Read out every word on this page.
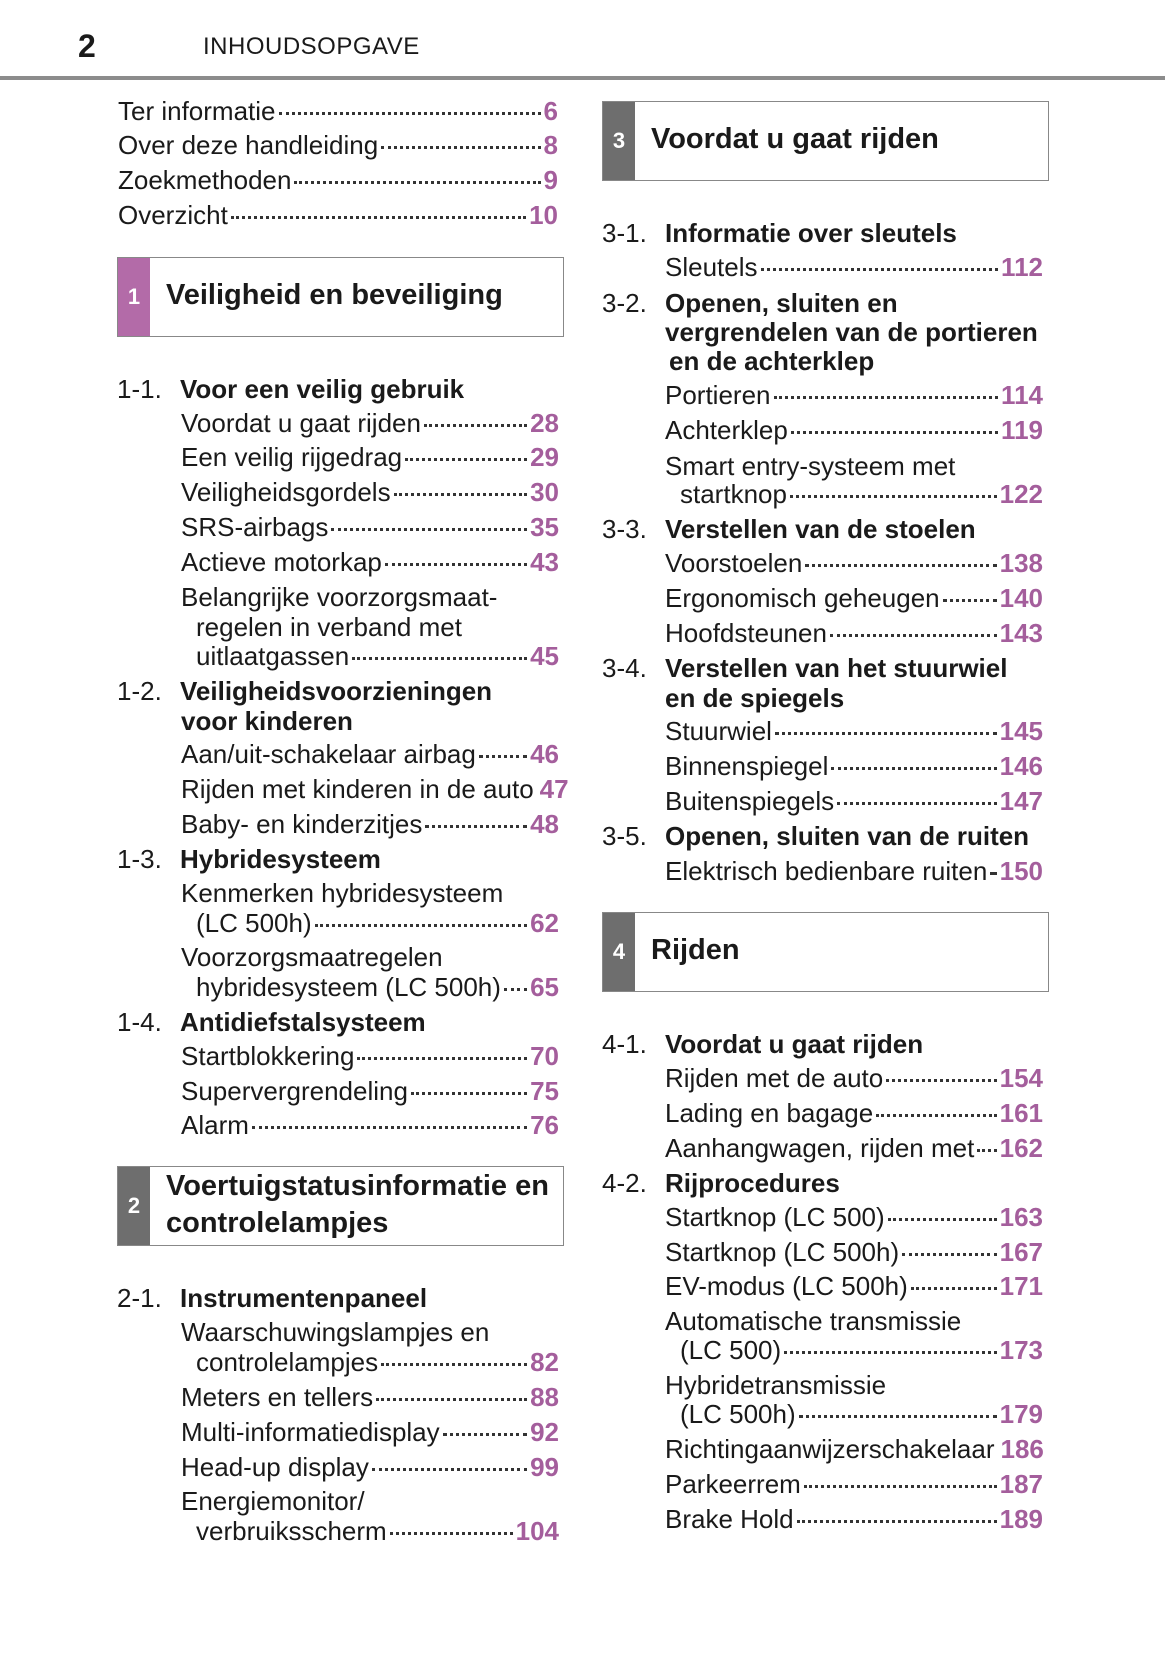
2	INHOUDSOPGAVE
Ter informatie	6
Over deze handleiding	8
Zoekmethoden	9
Overzicht	10
1 Veiligheid en beveiliging
1-1. Voor een veilig gebruik
Voordat u gaat rijden	28
Een veilig rijgedrag	29
Veiligheidsgordels	30
SRS-airbags	35
Actieve motorkap	43
Belangrijke voorzorgsmaat-
regelen in verband met
uitlaatgassen	45
1-2. Veiligheidsvoorzieningen
voor kinderen
Aan/uit-schakelaar airbag 46
Rijden met kinderen in de auto 47
Baby- en kinderzitjes	48
1-3. Hybridesysteem
Kenmerken hybridesysteem
(LC 500h)	62
Voorzorgsmaatregelen
hybridesysteem (LC 500h) 65
1-4. Antidiefstalsysteem
Startblokkering	70
Supervergrendeling	75
Alarm	76
2
Voertuigstatusinformatie en
controlelampjes
2-1. Instrumentenpaneel
Waarschuwingslampjes en
controlelampjes	82
Meters en tellers	88
Multi-informatiedisplay	92
Head-up display	99
Energiemonitor/
verbruiksscherm	104
3 Voordat u gaat rijden
3-1. Informatie over sleutels
Sleutels	112
3-2. Openen, sluiten en
vergrendelen van de portieren
en de achterklep
Portieren	114
Achterklep	119
Smart entry-systeem met
startknop	122
3-3. Verstellen van de stoelen
Voorstoelen	138
Ergonomisch geheugen 140
Hoofdsteunen	143
3-4. Verstellen van het stuurwiel
en de spiegels
Stuurwiel	145
Binnenspiegel	146
Buitenspiegels	147
3-5. Openen, sluiten van de ruiten
Elektrisch bedienbare ruiten 150
4 Rijden
4-1. Voordat u gaat rijden
Rijden met de auto	154
Lading en bagage	161
Aanhangwagen, rijden met 162
4-2. Rijprocedures
Startknop (LC 500)	163
Startknop (LC 500h)	167
EV-modus (LC 500h)	171
Automatische transmissie
(LC 500)	173
Hybridetransmissie
(LC 500h)	179
Richtingaanwijzerschakelaar 186
Parkeerrem	187
Brake Hold	189
